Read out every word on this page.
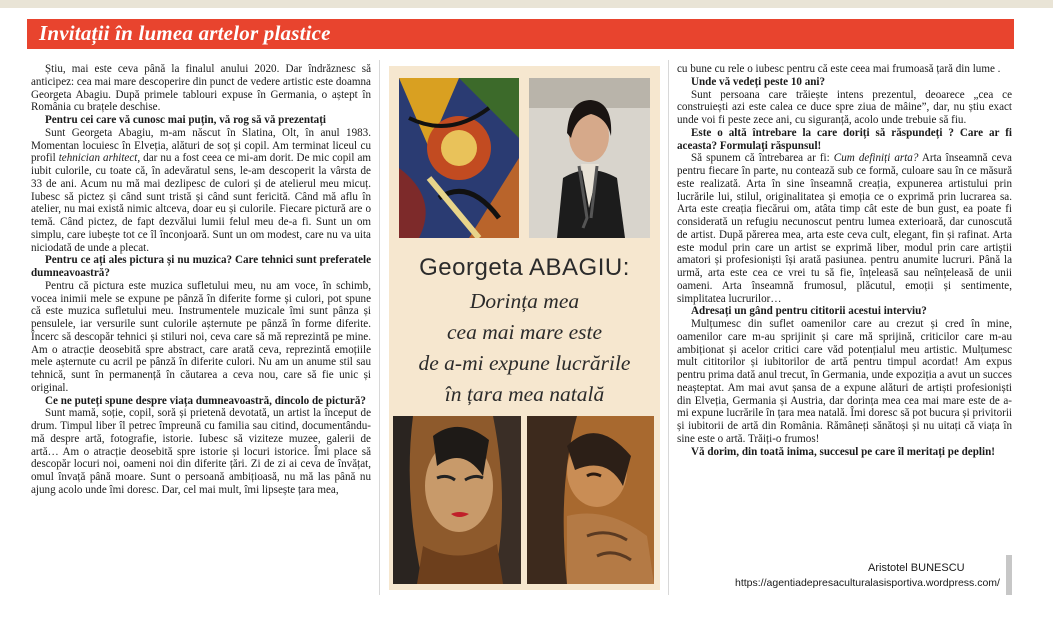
Invitații în lumea artelor plastice

Știu, mai este ceva până la finalul anului 2020. Dar îndrăznesc să anticipez: cea mai mare descoperire din punct de vedere artistic este doamna Georgeta Abagiu. După primele tablouri expuse în Germania, o aștept în România cu brațele deschise.

Pentru cei care vă cunosc mai puțin, vă rog să vă prezentați

Sunt Georgeta Abagiu, m-am născut în Slatina, Olt, în anul 1983. Momentan locuiesc în Elveția, alături de soț și copil. Am terminat liceul cu profil tehnician arhitect, dar nu a fost ceea ce mi-am dorit. De mic copil am iubit culorile, cu toate că, în adevăratul sens, le-am descoperit la vârsta de 33 de ani. Acum nu mă mai dezlipesc de culori și de atelierul meu micuț. Iubesc să pictez și când sunt tristă și când sunt fericită. Când mă aflu în atelier, nu mai există nimic altceva, doar eu și culorile. Fiecare pictură are o temă. Când pictez, de fapt dezvălui lumii felul meu de-a fi. Sunt un om simplu, care iubește tot ce îl înconjoară. Sunt un om modest, care nu va uita niciodată de unde a plecat.

Pentru ce ați ales pictura și nu muzica? Care tehnici sunt preferatele dumneavoastră?

Pentru că pictura este muzica sufletului meu, nu am voce, în schimb, vocea inimii mele se expune pe pânză în diferite forme și culori, pot spune că este muzica sufletului meu. Instrumentele muzicale îmi sunt pânza și pensulele, iar versurile sunt culorile așternute pe pânză în forme diferite. Încerc să descopăr tehnici și stiluri noi, ceva care să mă reprezintă pe mine. Am o atracție deosebită spre abstract, care arată ceva, reprezintă emoțiile mele așternute cu acril pe pânză în diferite culori. Nu am un anume stil sau tehnică, sunt în permanență în căutarea a ceva nou, care să fie unic și original.

Ce ne puteți spune despre viața dumneavoastră, dincolo de pictură?

Sunt mamă, soție, copil, soră și prietenă devotată, un artist la început de drum. Timpul liber îl petrec împreună cu familia sau citind, documentându-mă despre artă, fotografie, istorie. Iubesc să viziteze muzee, galerii de artă… Am o atracție deosebită spre istorie și locuri istorice. Îmi place să descopăr locuri noi, oameni noi din diferite țări. Zi de zi ai ceva de învățat, omul învață până moare. Sunt o persoană ambițioasă, nu mă las până nu ajung acolo unde îmi doresc. Dar, cel mai mult, îmi lipsește țara mea,

Georgeta ABAGIU:
Dorința mea
cea mai mare este
de a-mi expune lucrările
în țara mea natală

cu bune cu rele o iubesc pentru că este ceea mai frumoasă țară din lume .

Unde vă vedeți peste 10 ani?

Sunt persoana care trăiește intens prezentul, deoarece „cea ce construiești azi este calea ce duce spre ziua de mâine”, dar, nu știu exact unde voi fi peste zece ani, cu siguranță, acolo unde trebuie să fiu.

Este o altă întrebare la care doriți să răspundeți ? Care ar fi aceasta? Formulați răspunsul!

Să spunem că întrebarea ar fi: Cum definiți arta? Arta înseamnă ceva pentru fiecare în parte, nu contează sub ce formă, culoare sau în ce măsură este realizată. Arta în sine înseamnă creația, expunerea artistului prin lucrările lui, stilul, originalitatea și emoția ce o exprimă prin lucrarea sa. Arta este creația fiecărui om, atâta timp cât este de bun gust, ea poate fi considerată un refugiu necunoscut pentru lumea exterioară, dar cunoscută de artist. După părerea mea, arta este ceva cult, elegant, fin și rafinat. Arta este modul prin care un artist se exprimă liber, modul prin care artiștii amatori și profesioniști își arată pasiunea. pentru anumite lucruri. Până la urmă, arta este cea ce vrei tu să fie, înțeleasă sau neînțeleasă de unii oameni. Arta înseamnă frumosul, plăcutul, emoții și sentimente, simplitatea lucrurilor…

Adresați un gând pentru cititorii acestui interviu?

Mulțumesc din suflet oamenilor care au crezut și cred în mine, oamenilor care m-au sprijinit și care mă sprijină, criticilor care m-au ambiționat și acelor critici care văd potențialul meu artistic. Mulțumesc mult cititorilor și iubitorilor de artă pentru timpul acordat! Am expus pentru prima dată anul trecut, în Germania, unde expoziția a avut un succes neașteptat. Am mai avut șansa de a expune alături de artiști profesioniști din Elveția, Germania și Austria, dar dorința mea cea mai mare este de a-mi expune lucrările în țara mea natală. Îmi doresc să pot bucura și privitorii și iubitorii de artă din România. Rămâneți sănătoși și nu uitați că viața în sine este o artă. Trăiți-o frumos!

Vă dorim, din toată inima, succesul pe care îl meritați pe deplin!

Aristotel BUNESCU
https://agentiadepresaculturalasisportiva.wordpress.com/
